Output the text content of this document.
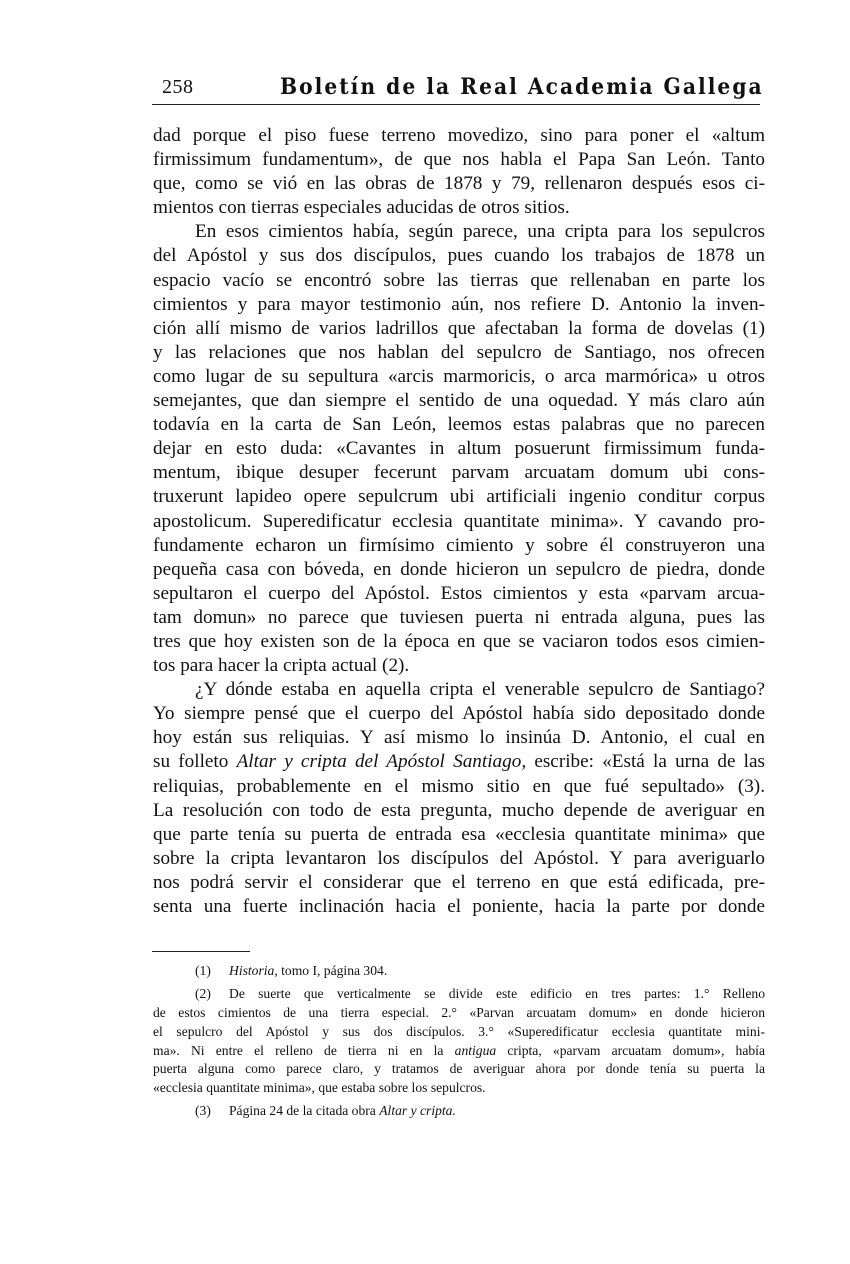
258	Boletín de la Real Academia Gallega
dad porque el piso fuese terreno movedizo, sino para poner el «altum
firmissimum fundamentum», de que nos habla el Papa San León. Tanto
que, como se vió en las obras de 1878 y 79, rellenaron después esos ci-
mientos con tierras especiales aducidas de otros sitios.
En esos cimientos había, según parece, una cripta para los sepulcros
del Apóstol y sus dos discípulos, pues cuando los trabajos de 1878 un
espacio vacío se encontró sobre las tierras que rellenaban en parte los
cimientos y para mayor testimonio aún, nos refiere D. Antonio la inven-
ción allí mismo de varios ladrillos que afectaban la forma de dovelas (1)
y las relaciones que nos hablan del sepulcro de Santiago, nos ofrecen
como lugar de su sepultura «arcis marmoricis, o arca marmórica» u otros
semejantes, que dan siempre el sentido de una oquedad. Y más claro aún
todavía en la carta de San León, leemos estas palabras que no parecen
dejar en esto duda: «Cavantes in altum posuerunt firmissimum funda-
mentum, ibique desuper fecerunt parvam arcuatam domum ubi cons-
truxerunt lapideo opere sepulcrum ubi artificiali ingenio conditur corpus
apostolicum. Superedificatur ecclesia quantitate minima». Y cavando pro-
fundamente echaron un firmísimo cimiento y sobre él construyeron una
pequeña casa con bóveda, en donde hicieron un sepulcro de piedra, donde
sepultaron el cuerpo del Apóstol. Estos cimientos y esta «parvam arcua-
tam domun» no parece que tuviesen puerta ni entrada alguna, pues las
tres que hoy existen son de la época en que se vaciaron todos esos cimien-
tos para hacer la cripta actual (2).
¿Y dónde estaba en aquella cripta el venerable sepulcro de Santiago?
Yo siempre pensé que el cuerpo del Apóstol había sido depositado donde
hoy están sus reliquias. Y así mismo lo insinúa D. Antonio, el cual en
su folleto Altar y cripta del Apóstol Santiago, escribe: «Está la urna de las
reliquias, probablemente en el mismo sitio en que fué sepultado» (3).
La resolución con todo de esta pregunta, mucho depende de averiguar en
que parte tenía su puerta de entrada esa «ecclesia quantitate minima» que
sobre la cripta levantaron los discípulos del Apóstol. Y para averiguarlo
nos podrá servir el considerar que el terreno en que está edificada, pre-
senta una fuerte inclinación hacia el poniente, hacia la parte por donde
(1) Historia, tomo I, página 304.
(2) De suerte que verticalmente se divide este edificio en tres partes: 1.° Relleno
de estos cimientos de una tierra especial. 2.° «Parvan arcuatam domum» en donde hicieron
el sepulcro del Apóstol y sus dos discípulos. 3.° «Superedificatur ecclesia quantitate mini-
ma». Ni entre el relleno de tierra ni en la antigua cripta, «parvam arcuatam domum», había
puerta alguna como parece claro, y tratamos de averiguar ahora por donde tenía su puerta la
«ecclesia quantitate minima», que estaba sobre los sepulcros.
(3) Página 24 de la citada obra Altar y cripta.
